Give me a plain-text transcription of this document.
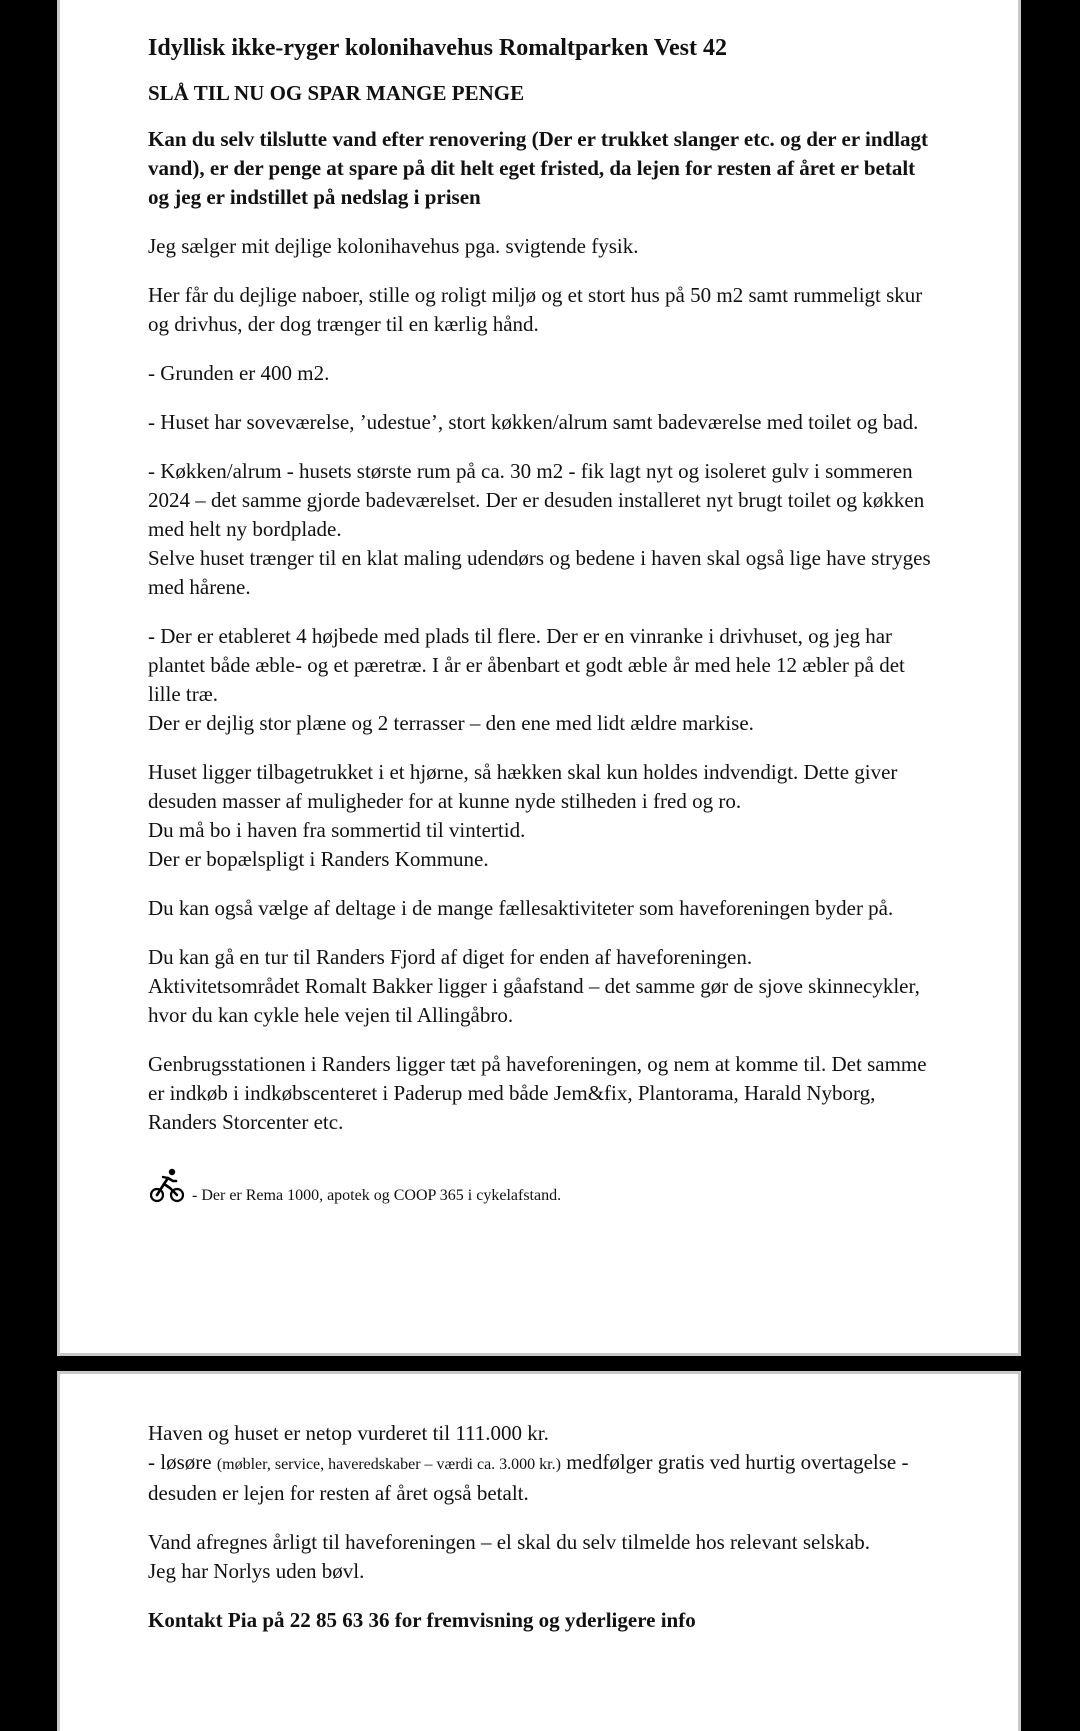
Idyllisk ikke-ryger kolonihavehus Romaltparken Vest 42

SLÅ TIL NU OG SPAR MANGE PENGE

Kan du selv tilslutte vand efter renovering (Der er trukket slanger etc. og der er indlagt vand), er der penge at spare på dit helt eget fristed, da lejen for resten af året er betalt og jeg er indstillet på nedslag i prisen

Jeg sælger mit dejlige kolonihavehus pga. svigtende fysik.

Her får du dejlige naboer, stille og roligt miljø og et stort hus på 50 m2 samt rummeligt skur og drivhus, der dog trænger til en kærlig hånd.

- Grunden er 400 m2.

- Huset har soveværelse, ’udestue’, stort køkken/alrum samt badeværelse med toilet og bad.

- Køkken/alrum - husets største rum på ca. 30 m2 - fik lagt nyt og isoleret gulv i sommeren 2024 – det samme gjorde badeværelset. Der er desuden installeret nyt brugt toilet og køkken med helt ny bordplade.
Selve huset trænger til en klat maling udendørs og bedene i haven skal også lige have stryges med hårene.

- Der er etableret 4 højbede med plads til flere. Der er en vinranke i drivhuset, og jeg har plantet både æble- og et pæretræ. I år er åbenbart et godt æble år med hele 12 æbler på det lille træ.
Der er dejlig stor plæne og 2 terrasser – den ene med lidt ældre markise.

Huset ligger tilbagetrukket i et hjørne, så hækken skal kun holdes indvendigt. Dette giver desuden masser af muligheder for at kunne nyde stilheden i fred og ro.
Du må bo i haven fra sommertid til vintertid.
Der er bopælspligt i Randers Kommune.

Du kan også vælge af deltage i de mange fællesaktiviteter som haveforeningen byder på.

Du kan gå en tur til Randers Fjord af diget for enden af haveforeningen.
Aktivitetsområdet Romalt Bakker ligger i gåafstand – det samme gør de sjove skinnecykler, hvor du kan cykle hele vejen til Allingåbro.

Genbrugsstationen i Randers ligger tæt på haveforeningen, og nem at komme til. Det samme er indkøb i indkøbscenteret i Paderup med både Jem&fix, Plantorama, Harald Nyborg, Randers Storcenter etc.

- Der er Rema 1000, apotek og COOP 365 i cykelafstand.

Haven og huset er netop vurderet til 111.000 kr.
- løsøre (møbler, service, haveredskaber – værdi ca. 3.000 kr.) medfølger gratis ved hurtig overtagelse - desuden er lejen for resten af året også betalt.

Vand afregnes årligt til haveforeningen – el skal du selv tilmelde hos relevant selskab.
Jeg har Norlys uden bøvl.

Kontakt Pia på 22 85 63 36 for fremvisning og yderligere info
